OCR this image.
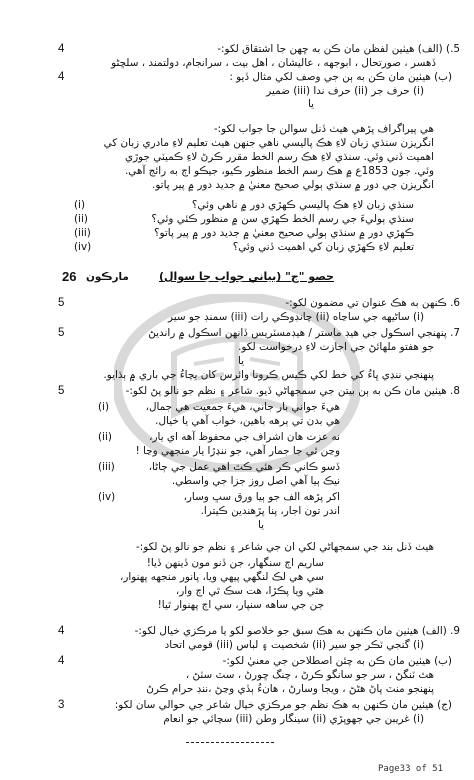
4	5.) (الف) هيٺين لفظن مان ڪن به ڇهن جا اشتقاق لکو:-
ڏهسر ، صورتحال ، ابوجهه ، عاليشان ، اهل بيت ، سرانجام، دولتمند ، سلڇڻو
4	(ب) هيٺين مان ڪن به ٻن جي وصف لکي مثال ڏيو :
(i) حرف جر (ii) حرف ندا (iii) ضمير
يا
هي پيراگراف پڙهي هيٺ ڏنل سوالن جا جواب لکو:-
انگريزن سنڌي زبان لاءِ هڪ پاليسي ناهي جنهن هيٺ تعليم لاءِ مادري زبان کي
اهميت ڏني وئي. سنڌي لاءِ هڪ رسم الخط مقرر ڪرڻ لاءِ ڪميٽي جوڙي
وئي. جون 1853ع ۾ هڪ رسم الخط منظور ڪيو، جيڪو اڄ به رائج آهي.
انگريزن جي دور ۾ سنڌي ٻولي صحيح معنيٰ ۾ جديد دور ۾ پير پاتو.
(i)	سنڌي زبان لاءِ هڪ پاليسي ڪهڙي دور ۾ ناهي وئي؟
(ii)	سنڌي ٻوليءَ جي رسم الخط ڪهڙي سن ۾ منظور ڪئي وئي؟
(iii)	ڪهڙي دور ۾ سنڌي ٻولي صحيح معنيٰ ۾ جديد دور ۾ پير پاتو؟
(iv)	تعليم لاءِ ڪهڙي زبان کي اهميت ڏني وئي؟
26 مارڪون	حصو "ج" (بياني جواب جا سوال)
5	6. ڪنهن به هڪ عنوان تي مضمون لکو:-
(i) ساڻيهه جي ساڃاه (ii) چانڊوڪي رات (iii) سمنڊ جو سير
5	7. پنهنجي اسڪول جي هيڊ ماستر / هيڊمسٽريس ڏانهن اسڪول ۾ رانديڻ
جو هفتو ملهائڻ جي اجازت لاءِ درخواست لکو.
يا
پنهنجي ننڍي ڀاءُ کي خط لکي ڪيس ڪرونا وائرس کان بچاءُ جي باري ۾ ٻڌايو.
5	8. هيٺين مان ڪن به ٻن بيتن جي سمجهاڻي ڏيو. شاعر ۽ نظم جو نالو پڻ لکو:-
(i)	هيءَ جواني بار جاني، هيءَ جمعيت هي جمال،
هي بدن تي ٻرهه باهين، خواب آهي يا خيال.
(ii)	نه عزت هان اشراف جي محفوظ آهه اي يار،
وڃن ٿي جا جمار آهي، جو ننڍڙا يار منجهي وڃا !
(iii)	ڏسو ڪاني ڪر هئي ڪٿ اهي عمل جي ڄاڻا،
نيڪ ٻيا آهي اصل روز جزا جي واسطي.
(iv)	اکر پڙهه الف جو ٻيا ورق سڀ وسار،
اندر تون اجار، پنا پڙهندين ڪيترا.
يا
هيٺ ڏنل بند جي سمجهاڻي لکي ان جي شاعر ۽ نظم جو نالو پڻ لکو:-
ساريم اڄ سنگهار، جن ڏنو مون ڏينهن ڏيا!
سي هي لڪ لنگهي پيهي ويا، پانور منجهه پهنوار،
هٿي ويا پڪڙا، هت سڪ ٿي اڄ وار،
جن جي ساهه سنپار، سي اڄ پهنوار ٿيا!
4	9. (الف) هيٺين مان ڪنهن به هڪ سبق جو خلاصو لکو يا مرڪزي خيال لکو:-
(i) گنجي ٽڪر جو سير (ii) شخصيت ۽ لباس (iii) قومي اتحاد
4	(ب) هيٺين مان ڪن به چئن اصطلاحن جي معنيٰ لکو:-
هٿ ٽنگڻ ، سر جو سانگو ڪرڻ ، چنگ ڇورڻ ، سٽ سٽڻ ،
پنهنجو منٽ پاڻ هڻڻ ، ويجا وسارڻ ، هانءُ ٻڏي وڃڻ ،ننڊ حرام ڪرڻ
3	(ج) هيٺين مان ڪنهن به هڪ نظم جو مرڪزي خيال شاعر جي حوالي سان لکو:
(i) غريبن جي جهوپڙي (ii) سينگار وطن (iii) سچائي جو انعام
Page33 of 51
